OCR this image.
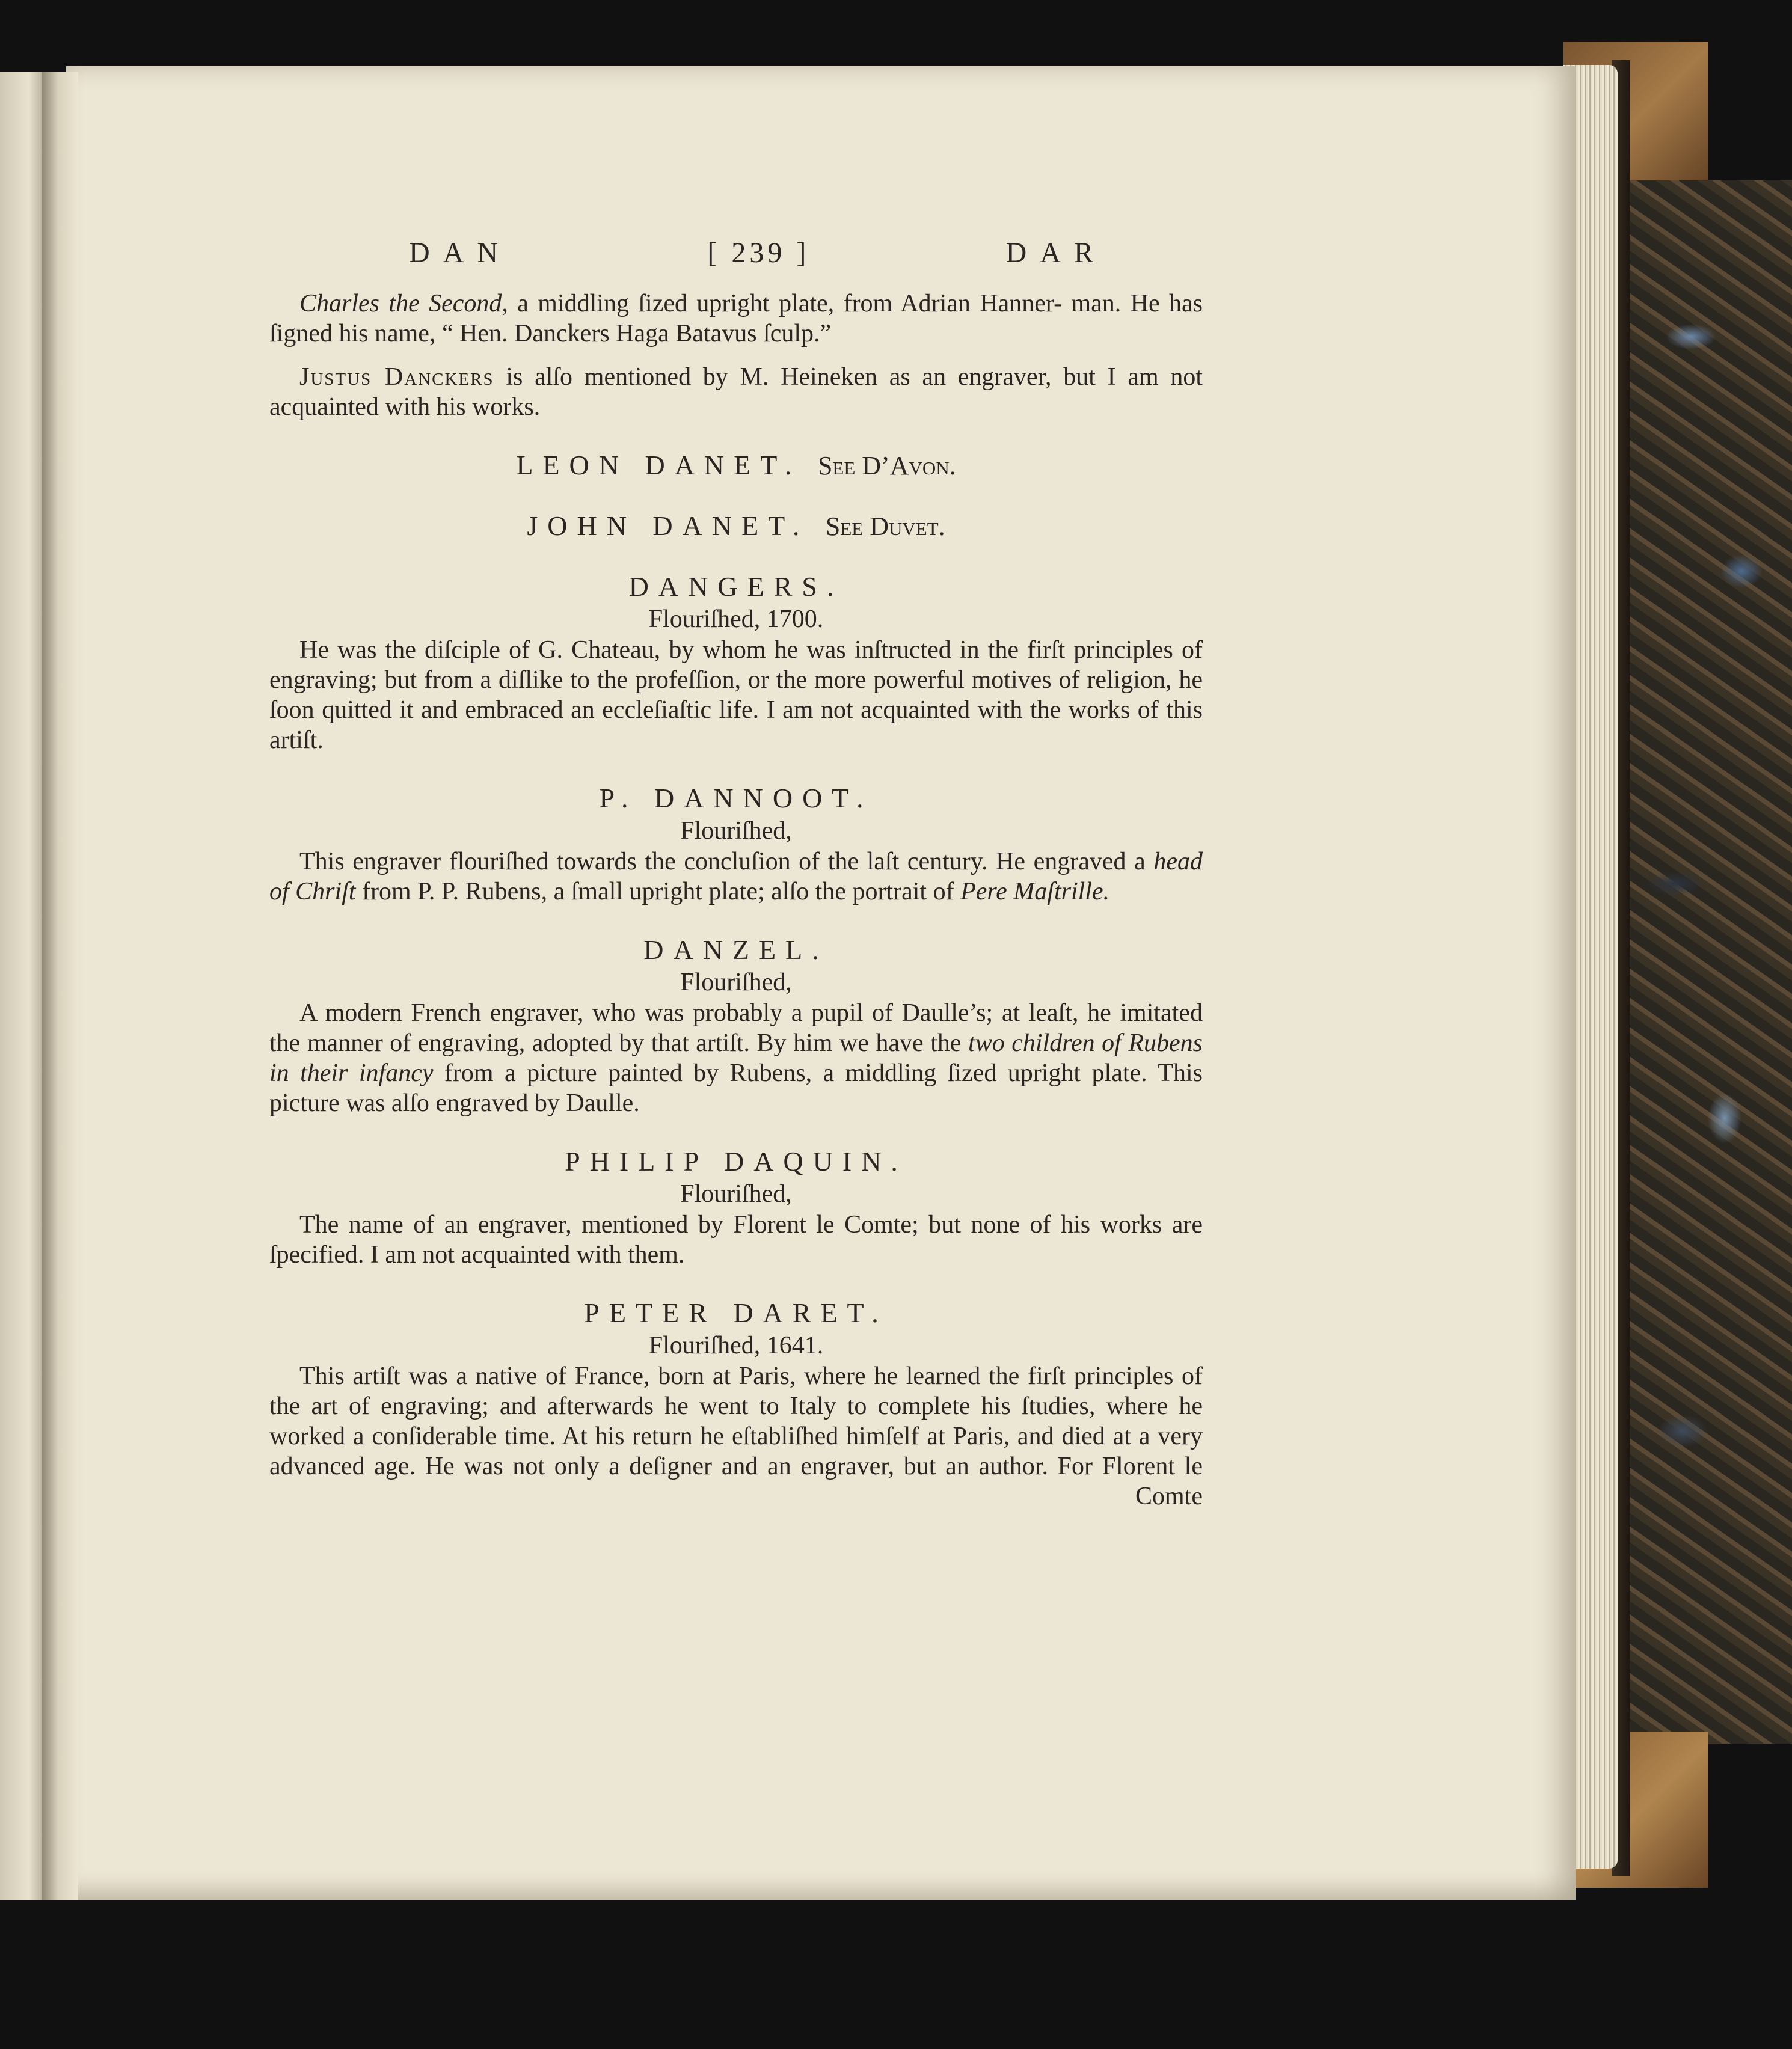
DAN	[ 239 ]	DAR

Charles the Second, a middling ſized upright plate, from Adrian Hanner- man. He has ſigned his name, “ Hen. Danckers Haga Batavus ſculp.”

Justus Danckers is alſo mentioned by M. Heineken as an engraver, but I am not acquainted with his works.

LEON DANET. See D’Avon.
JOHN DANET. See Duvet.
DANGERS.
Flouriſhed, 1700.

He was the diſciple of G. Chateau, by whom he was inſtructed in the firſt principles of engraving; but from a diſlike to the profeſſion, or the more powerful motives of religion, he ſoon quitted it and embraced an eccleſiaſtic life. I am not acquainted with the works of this artiſt.

P. DANNOOT.
Flouriſhed,

This engraver flouriſhed towards the concluſion of the laſt century. He engraved a head of Chriſt from P. P. Rubens, a ſmall upright plate; alſo the portrait of Pere Maſtrille.

DANZEL.
Flouriſhed,

A modern French engraver, who was probably a pupil of Daulle’s; at leaſt, he imitated the manner of engraving, adopted by that artiſt. By him we have the two children of Rubens in their infancy from a picture painted by Rubens, a middling ſized upright plate. This picture was alſo engraved by Daulle.

PHILIP DAQUIN.
Flouriſhed,

The name of an engraver, mentioned by Florent le Comte; but none of his works are ſpecified. I am not acquainted with them.

PETER DARET.
Flouriſhed, 1641.

This artiſt was a native of France, born at Paris, where he learned the firſt principles of the art of engraving; and afterwards he went to Italy to complete his ſtudies, where he worked a conſiderable time. At his return he eſtabliſhed himſelf at Paris, and died at a very advanced age. He was not only a deſigner and an engraver, but an author. For Florent le

Comte
